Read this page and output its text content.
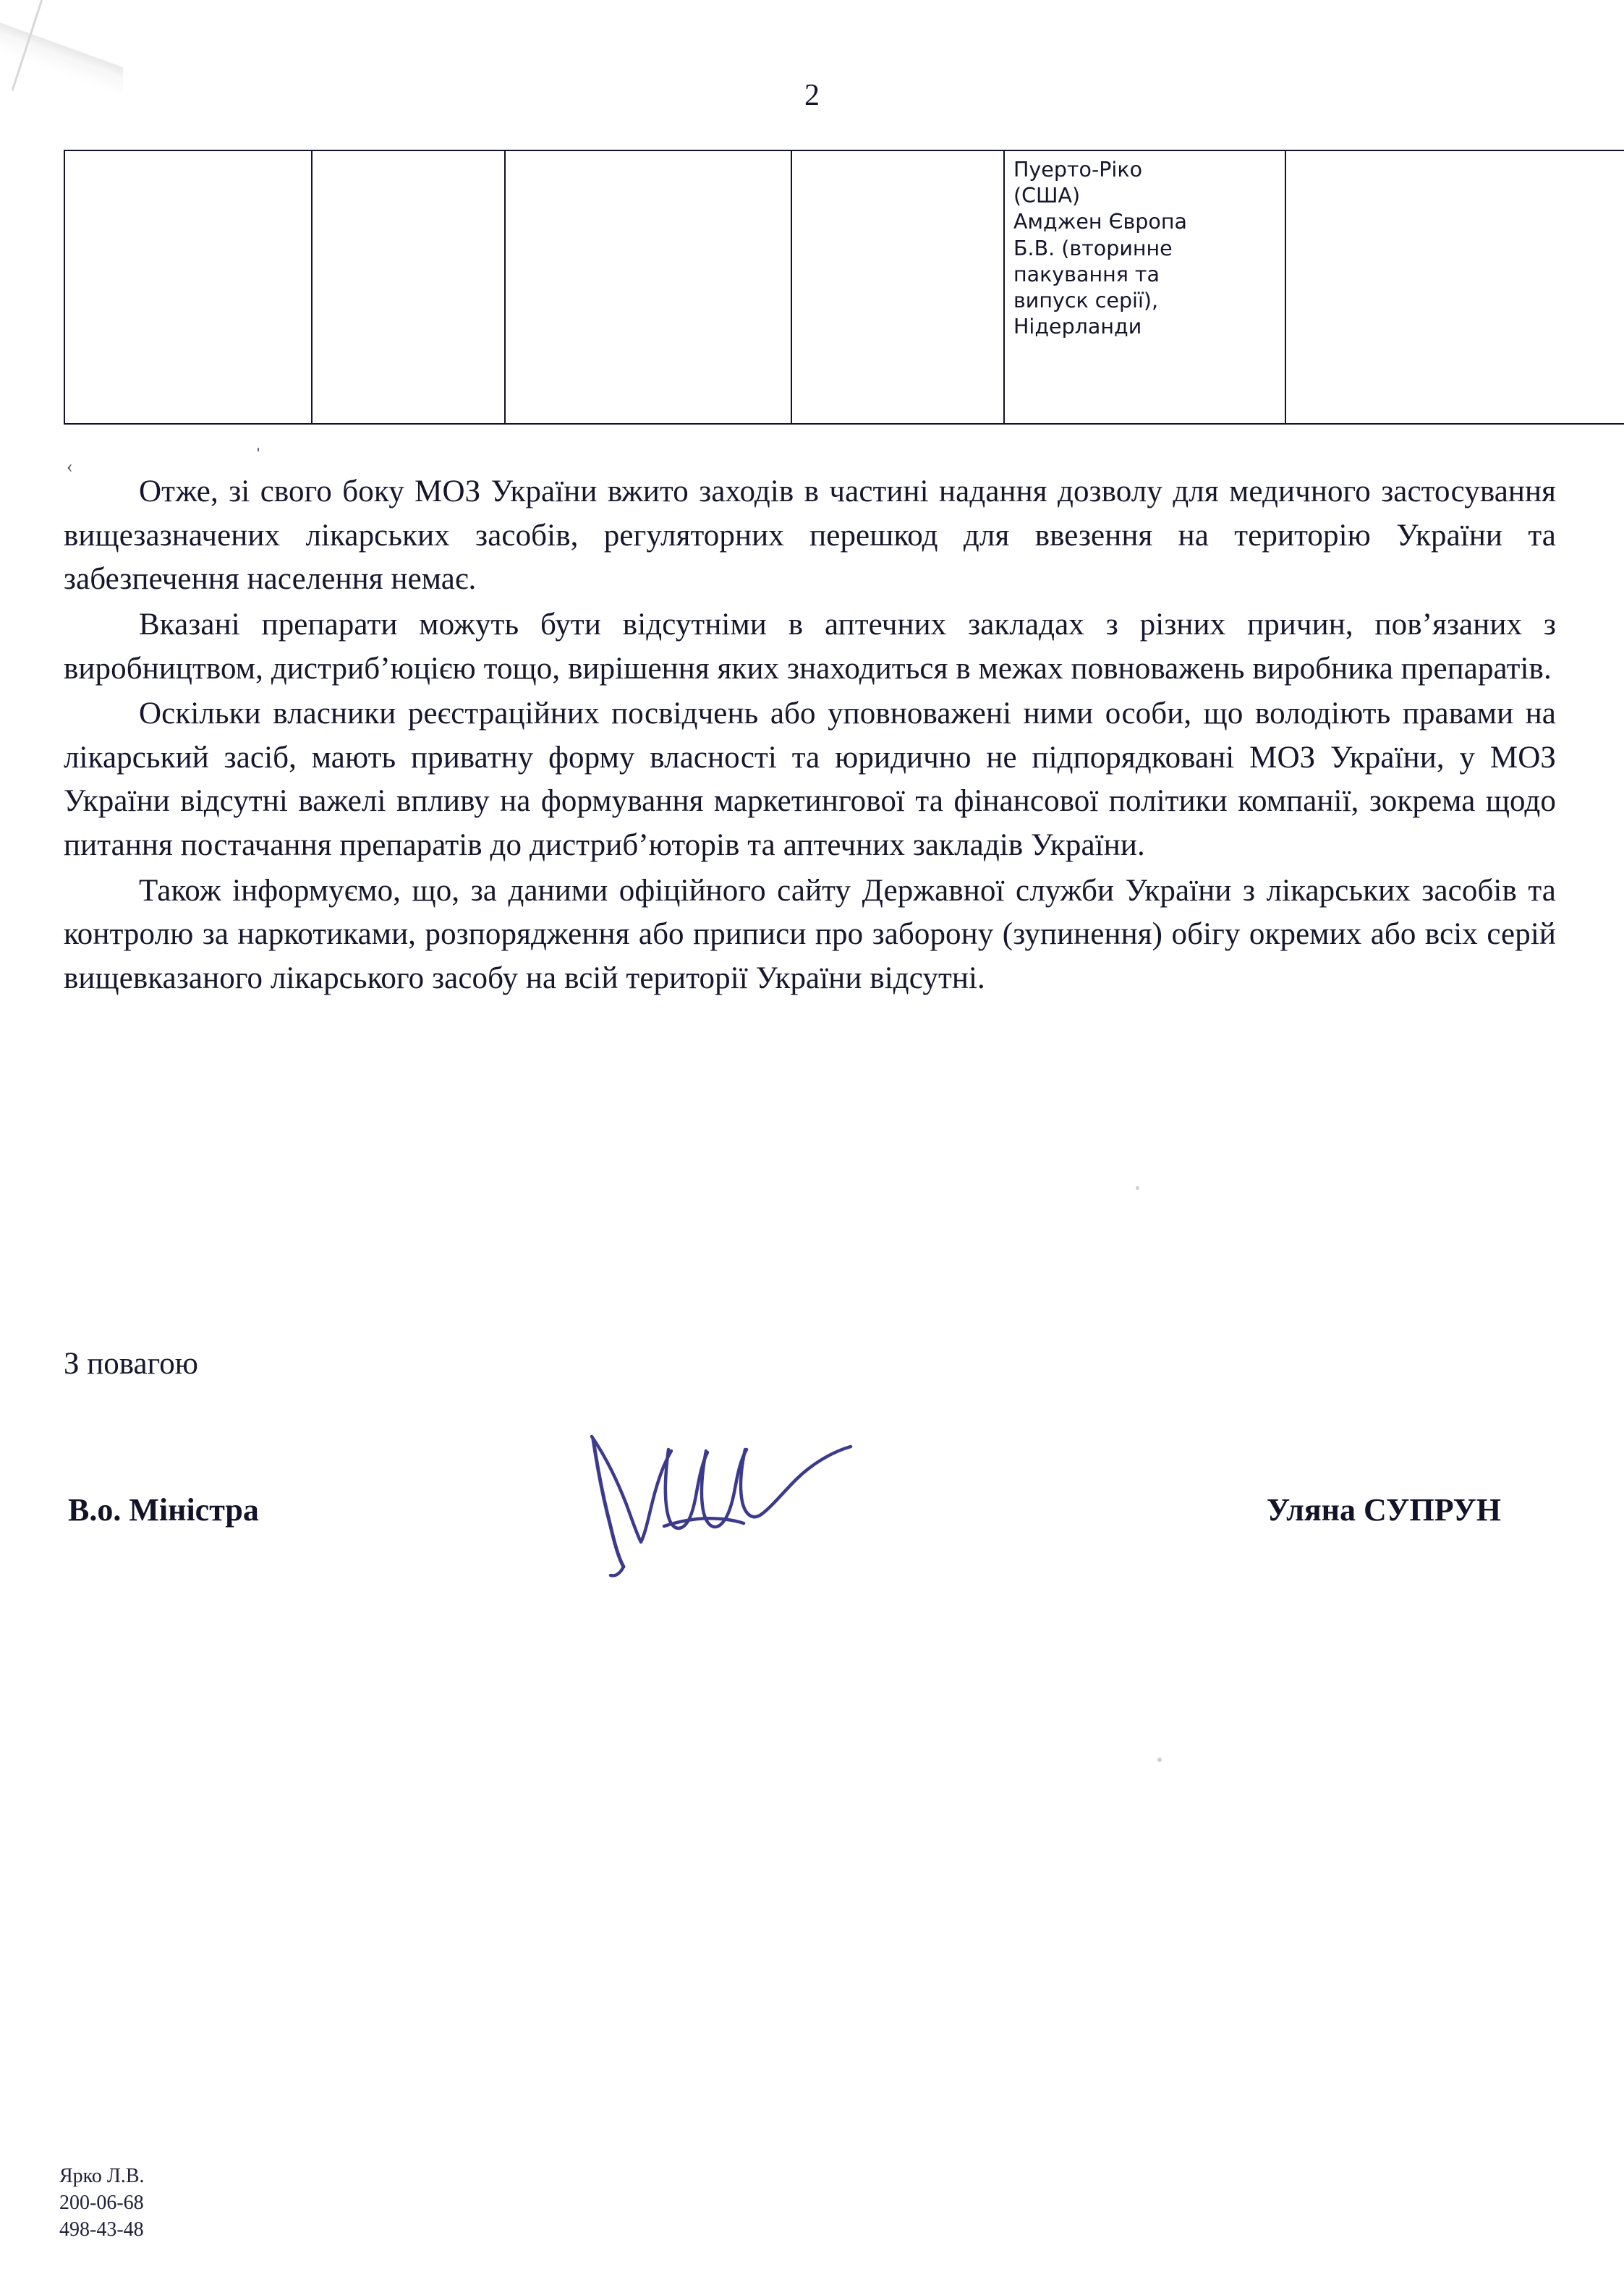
2

Пуерто-Ріко
(США)
Амджен Європа
Б.В. (вторинне
пакування та
випуск серії),
Нідерланди

‹	ˈ

Отже, зі свого боку МОЗ України вжито заходів в частині надання дозволу для медичного застосування вищезазначених лікарських засобів, регуляторних перешкод для ввезення на територію України та забезпечення населення немає.

Вказані препарати можуть бути відсутніми в аптечних закладах з різних причин, пов’язаних з виробництвом, дистриб’юцією тощо, вирішення яких знаходиться в межах повноважень виробника препаратів.

Оскільки власники реєстраційних посвідчень або уповноважені ними особи, що володіють правами на лікарський засіб, мають приватну форму власності та юридично не підпорядковані МОЗ України, у МОЗ України відсутні важелі впливу на формування маркетингової та фінансової політики компанії, зокрема щодо питання постачання препаратів до дистриб’юторів та аптечних закладів України.

Також інформуємо, що, за даними офіційного сайту Державної служби України з лікарських засобів та контролю за наркотиками, розпорядження або приписи про заборону (зупинення) обігу окремих або всіх серій вищевказаного лікарського засобу на всій території України відсутні.

З повагою
В.о. Міністра	Уляна СУПРУН
Ярко Л.В.
200-06-68
498-43-48
